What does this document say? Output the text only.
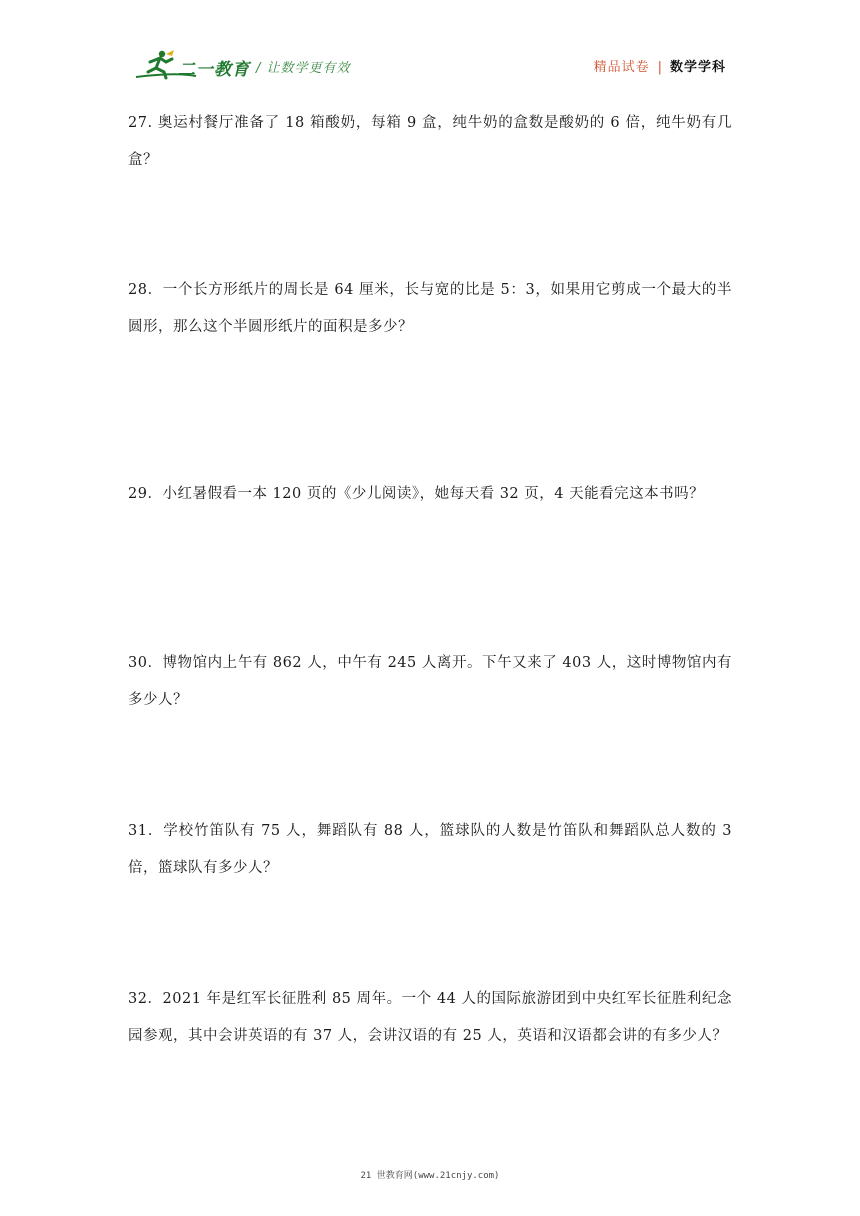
二一教育 / 让数学更有效	精品试卷 | 数学学科
27. 奥运村餐厅准备了 18 箱酸奶，每箱 9 盒，纯牛奶的盒数是酸奶的 6 倍，纯牛奶有几盒？
28．一个长方形纸片的周长是 64 厘米，长与宽的比是 5：3，如果用它剪成一个最大的半圆形，那么这个半圆形纸片的面积是多少？
29．小红暑假看一本 120 页的《少儿阅读》，她每天看 32 页，4 天能看完这本书吗？
30．博物馆内上午有 862 人，中午有 245 人离开。下午又来了 403 人，这时博物馆内有多少人？
31．学校竹笛队有 75 人，舞蹈队有 88 人，篮球队的人数是竹笛队和舞蹈队总人数的 3 倍，篮球队有多少人？
32．2021 年是红军长征胜利 85 周年。一个 44 人的国际旅游团到中央红军长征胜利纪念园参观，其中会讲英语的有 37 人，会讲汉语的有 25 人，英语和汉语都会讲的有多少人？
21 世教育网(www.21cnjy.com)
